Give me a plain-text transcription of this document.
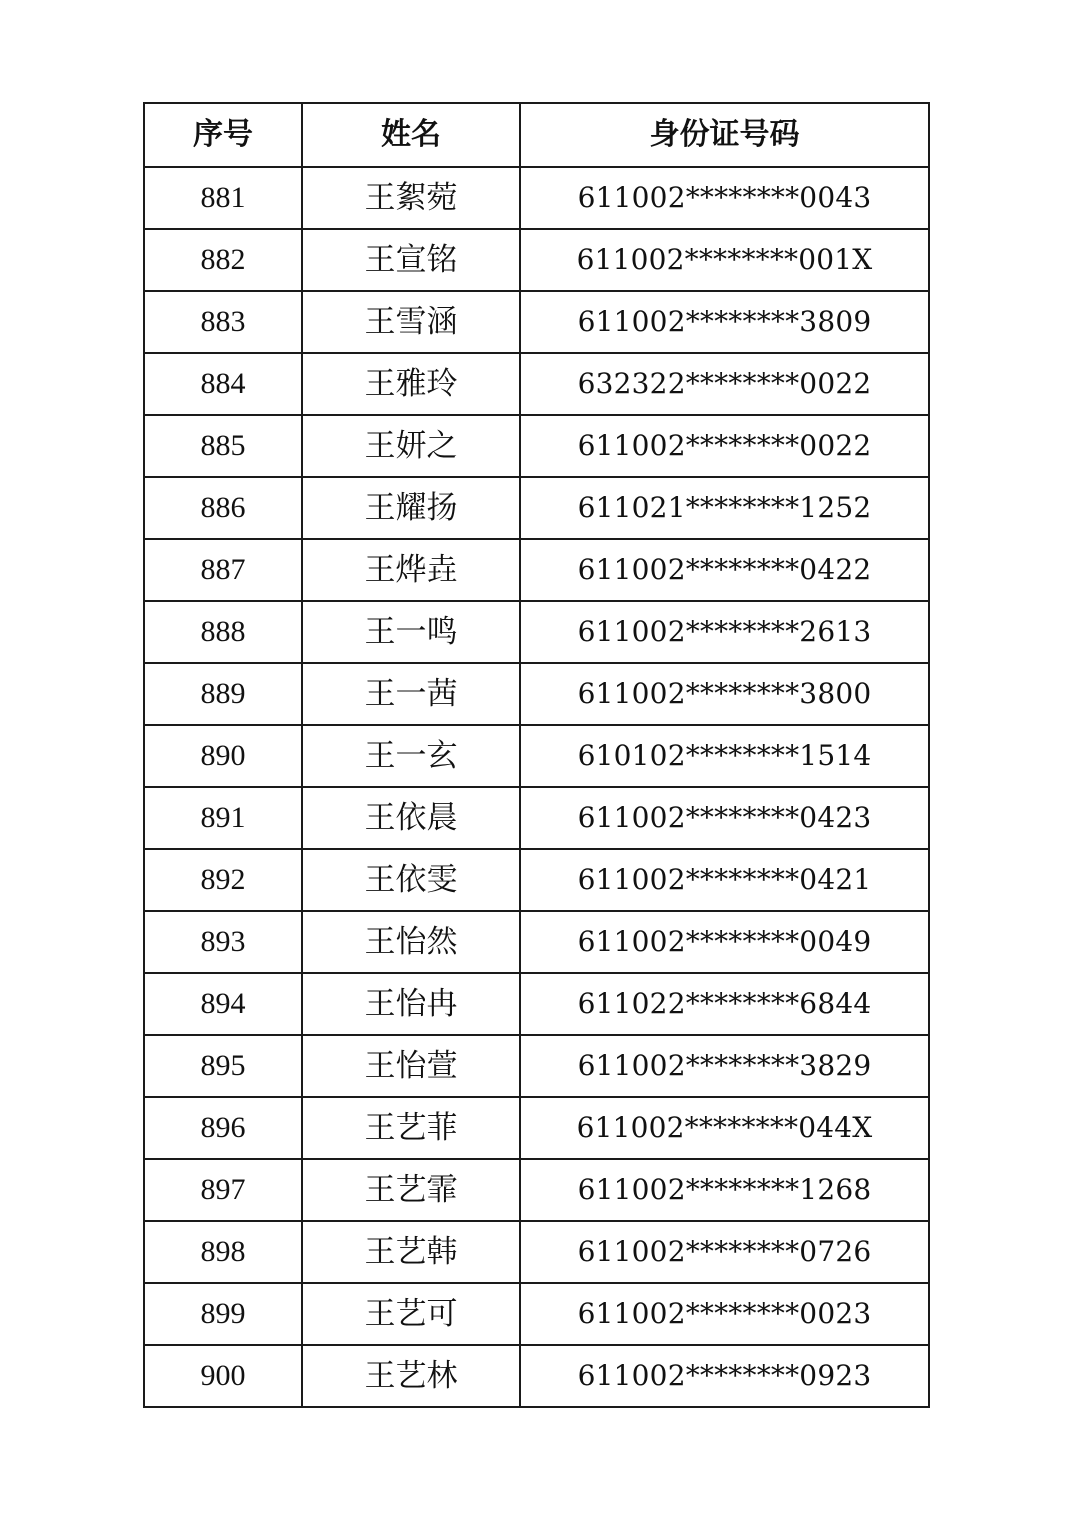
序号	姓名	身份证号码
881	王絮菀	611002********0043
882	王宣铭	611002********001X
883	王雪涵	611002********3809
884	王雅玲	632322********0022
885	王妍之	611002********0022
886	王耀扬	611021********1252
887	王烨垚	611002********0422
888	王一鸣	611002********2613
889	王一茜	611002********3800
890	王一玄	610102********1514
891	王依晨	611002********0423
892	王依雯	611002********0421
893	王怡然	611002********0049
894	王怡冉	611022********6844
895	王怡萱	611002********3829
896	王艺菲	611002********044X
897	王艺霏	611002********1268
898	王艺韩	611002********0726
899	王艺可	611002********0023
900	王艺林	611002********0923
